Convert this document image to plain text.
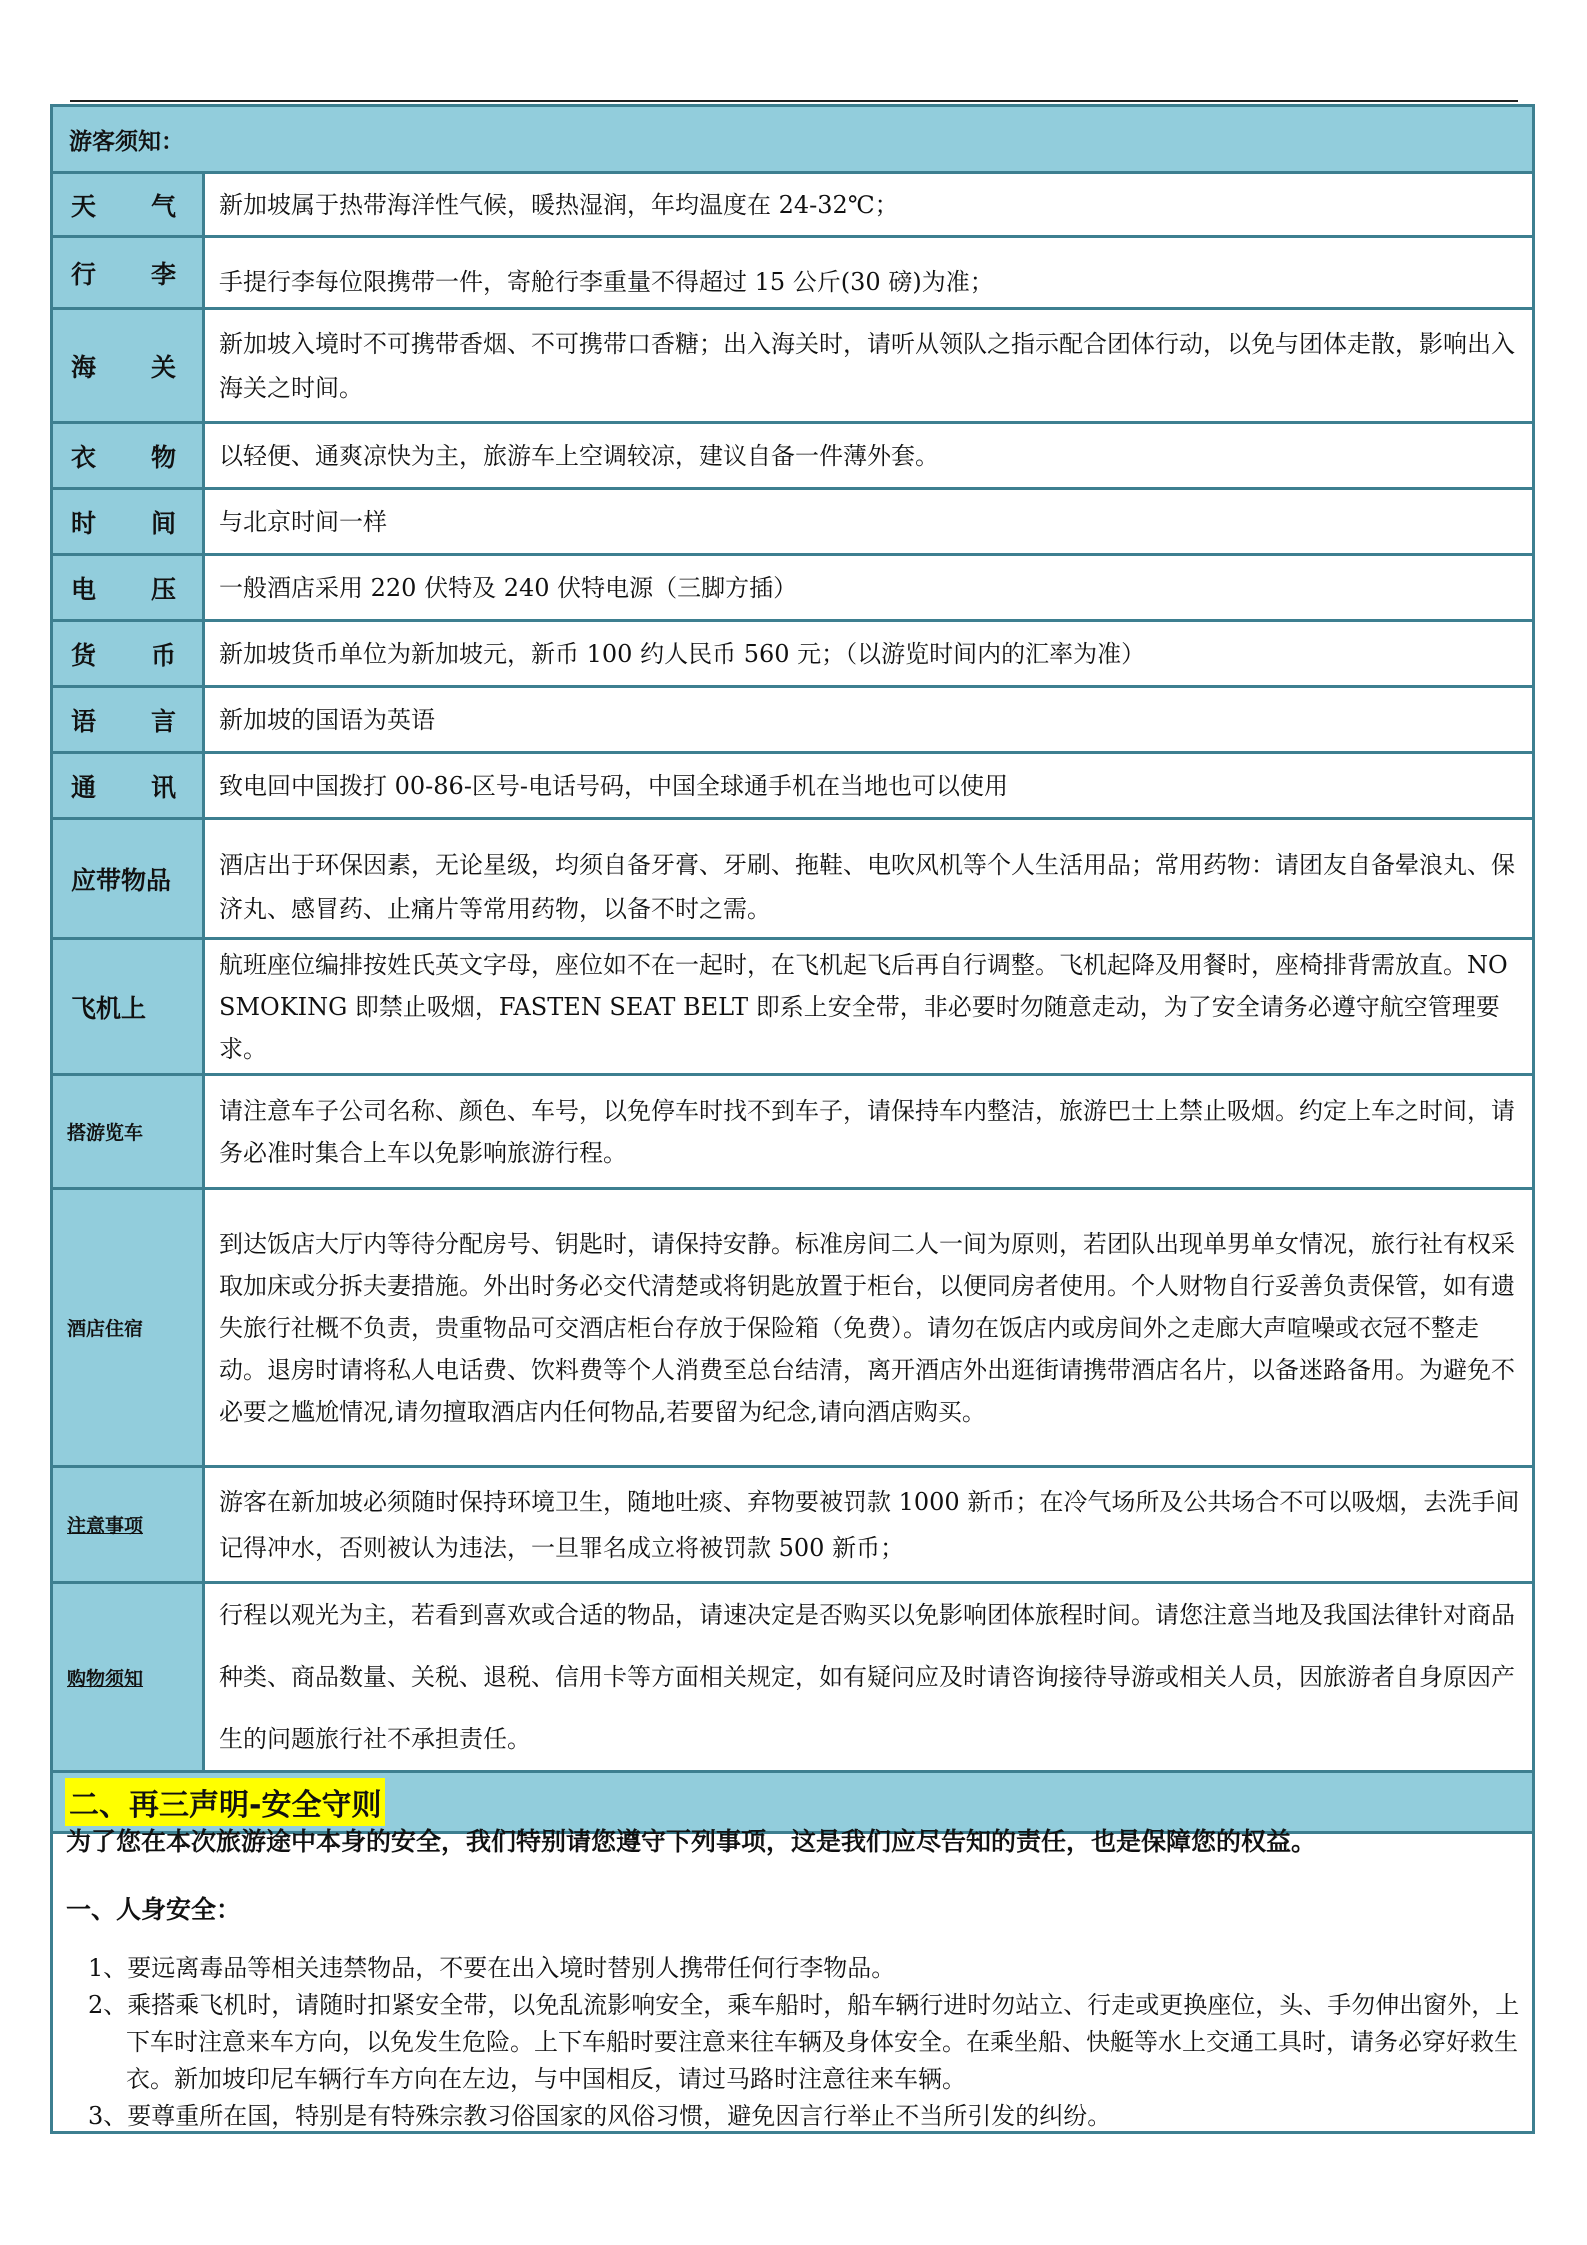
游客须知：	

天 气	新加坡属于热带海洋性气候，暖热湿润，年均温度在 24-32℃；

行 李	手提行李每位限携带一件，寄舱行李重量不得超过 15 公斤(30 磅)为准；

海 关	新加坡入境时不可携带香烟、不可携带口香糖；出入海关时，请听从领队之指示配合团体行动，以免与团体走散，影响出入海关之时间。

衣 物	以轻便、通爽凉快为主，旅游车上空调较凉，建议自备一件薄外套。

时 间	与北京时间一样

电 压	一般酒店采用 220 伏特及 240 伏特电源（三脚方插）

货 币	新加坡货币单位为新加坡元，新币 100 约人民币 560 元；（以游览时间内的汇率为准）

语 言	新加坡的国语为英语

通 讯	致电回中国拨打 00-86-区号-电话号码，中国全球通手机在当地也可以使用

应带物品	酒店出于环保因素，无论星级，均须自备牙膏、牙刷、拖鞋、电吹风机等个人生活用品；常用药物：请团友自备晕浪丸、保济丸、感冒药、止痛片等常用药物，以备不时之需。

飞机上	航班座位编排按姓氏英文字母，座位如不在一起时，在飞机起飞后再自行调整。飞机起降及用餐时，座椅排背需放直。NO SMOKING 即禁止吸烟，FASTEN SEAT BELT 即系上安全带，非必要时勿随意走动，为了安全请务必遵守航空管理要求。

搭游览车	请注意车子公司名称、颜色、车号，以免停车时找不到车子，请保持车内整洁，旅游巴士上禁止吸烟。约定上车之时间，请务必准时集合上车以免影响旅游行程。

酒店住宿	到达饭店大厅内等待分配房号、钥匙时，请保持安静。标准房间二人一间为原则，若团队出现单男单女情况，旅行社有权采取加床或分拆夫妻措施。外出时务必交代清楚或将钥匙放置于柜台，以便同房者使用。个人财物自行妥善负责保管，如有遗失旅行社概不负责，贵重物品可交酒店柜台存放于保险箱（免费）。请勿在饭店内或房间外之走廊大声喧噪或衣冠不整走动。退房时请将私人电话费、饮料费等个人消费至总台结清，离开酒店外出逛街请携带酒店名片，以备迷路备用。为避免不必要之尴尬情况,请勿擅取酒店内任何物品,若要留为纪念,请向酒店购买。

注意事项	游客在新加坡必须随时保持环境卫生，随地吐痰、弃物要被罚款 1000 新币；在冷气场所及公共场合不可以吸烟，去洗手间记得冲水，否则被认为违法，一旦罪名成立将被罚款 500 新币；

购物须知	行程以观光为主，若看到喜欢或合适的物品，请速决定是否购买以免影响团体旅程时间。请您注意当地及我国法律针对商品种类、商品数量、关税、退税、信用卡等方面相关规定，如有疑问应及时请咨询接待导游或相关人员，因旅游者自身原因产生的问题旅行社不承担责任。
二、再三声明-安全守则	
为了您在本次旅游途中本身的安全，我们特别请您遵守下列事项，这是我们应尽告知的责任，也是保障您的权益。
一、人身安全：
1、要远离毒品等相关违禁物品，不要在出入境时替别人携带任何行李物品。
2、乘搭乘飞机时，请随时扣紧安全带，以免乱流影响安全，乘车船时，船车辆行进时勿站立、行走或更换座位，头、手勿伸出窗外，上下车时注意来车方向，以免发生危险。上下车船时要注意来往车辆及身体安全。在乘坐船、快艇等水上交通工具时，请务必穿好救生衣。新加坡印尼车辆行车方向在左边，与中国相反，请过马路时注意往来车辆。
3、要尊重所在国，特别是有特殊宗教习俗国家的风俗习惯，避免因言行举止不当所引发的纠纷。
